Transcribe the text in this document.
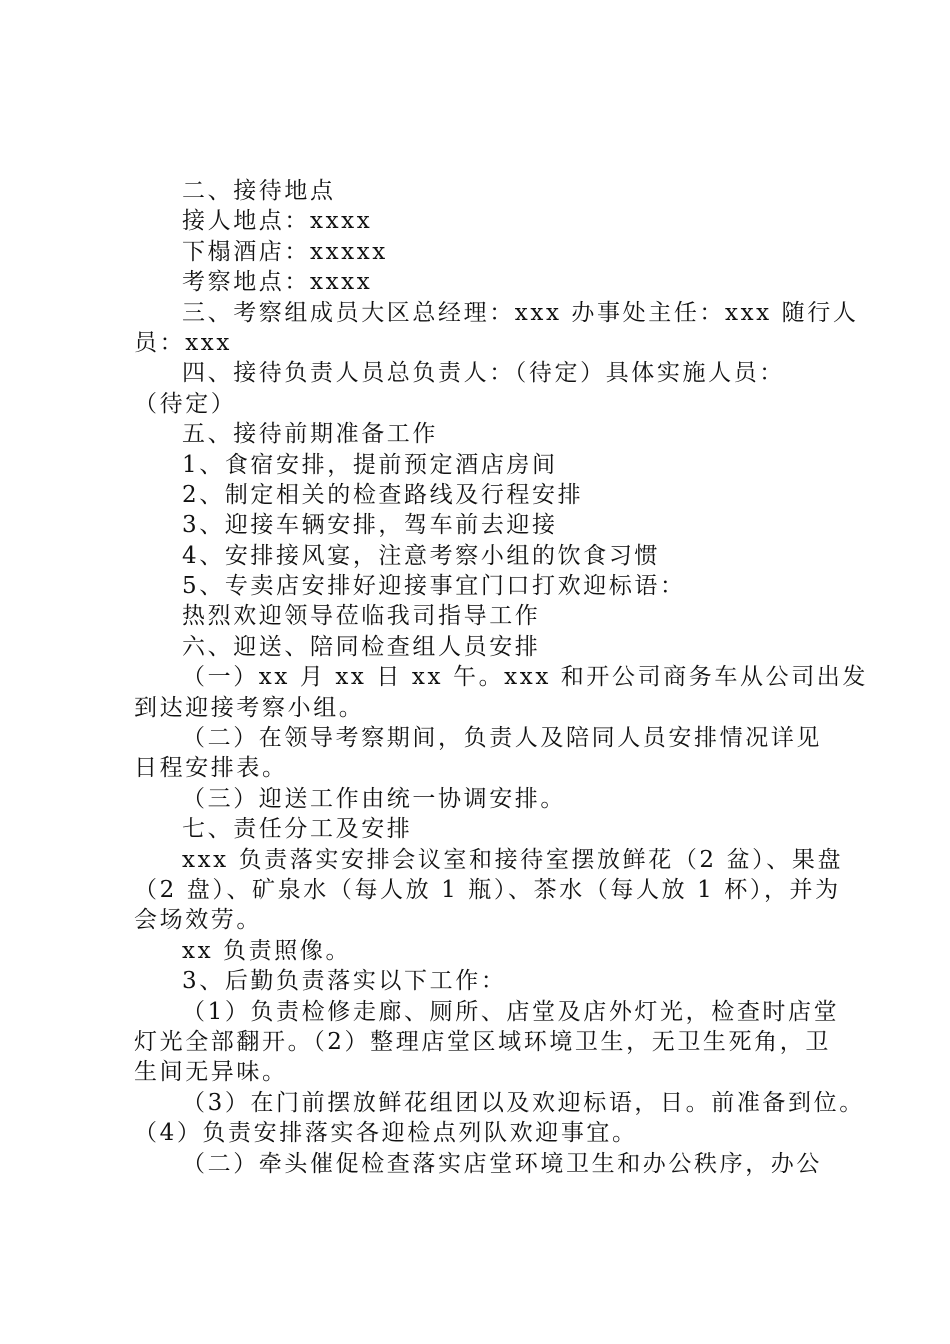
二、接待地点
接人地点：xxxx
下榻酒店：xxxxx
考察地点：xxxx
三、考察组成员大区总经理：xxx 办事处主任：xxx 随行人
员：xxx
四、接待负责人员总负责人：（待定）具体实施人员：
（待定）
五、接待前期准备工作
1、食宿安排，提前预定酒店房间
2、制定相关的检查路线及行程安排
3、迎接车辆安排，驾车前去迎接
4、安排接风宴，注意考察小组的饮食习惯
5、专卖店安排好迎接事宜门口打欢迎标语：
热烈欢迎领导莅临我司指导工作
六、迎送、陪同检查组人员安排
（一）xx 月 xx 日 xx 午。xxx 和开公司商务车从公司出发
到达迎接考察小组。
（二）在领导考察期间，负责人及陪同人员安排情况详见
日程安排表。
（三）迎送工作由统一协调安排。
七、责任分工及安排
xxx 负责落实安排会议室和接待室摆放鲜花（2 盆）、果盘
（2 盘）、矿泉水（每人放 1 瓶）、茶水（每人放 1 杯），并为
会场效劳。
xx 负责照像。
3、后勤负责落实以下工作：
（1）负责检修走廊、厕所、店堂及店外灯光，检查时店堂
灯光全部翻开。（2）整理店堂区域环境卫生，无卫生死角，卫
生间无异味。
（3）在门前摆放鲜花组团以及欢迎标语，日。前准备到位。
（4）负责安排落实各迎检点列队欢迎事宜。
（二）牵头催促检查落实店堂环境卫生和办公秩序，办公
